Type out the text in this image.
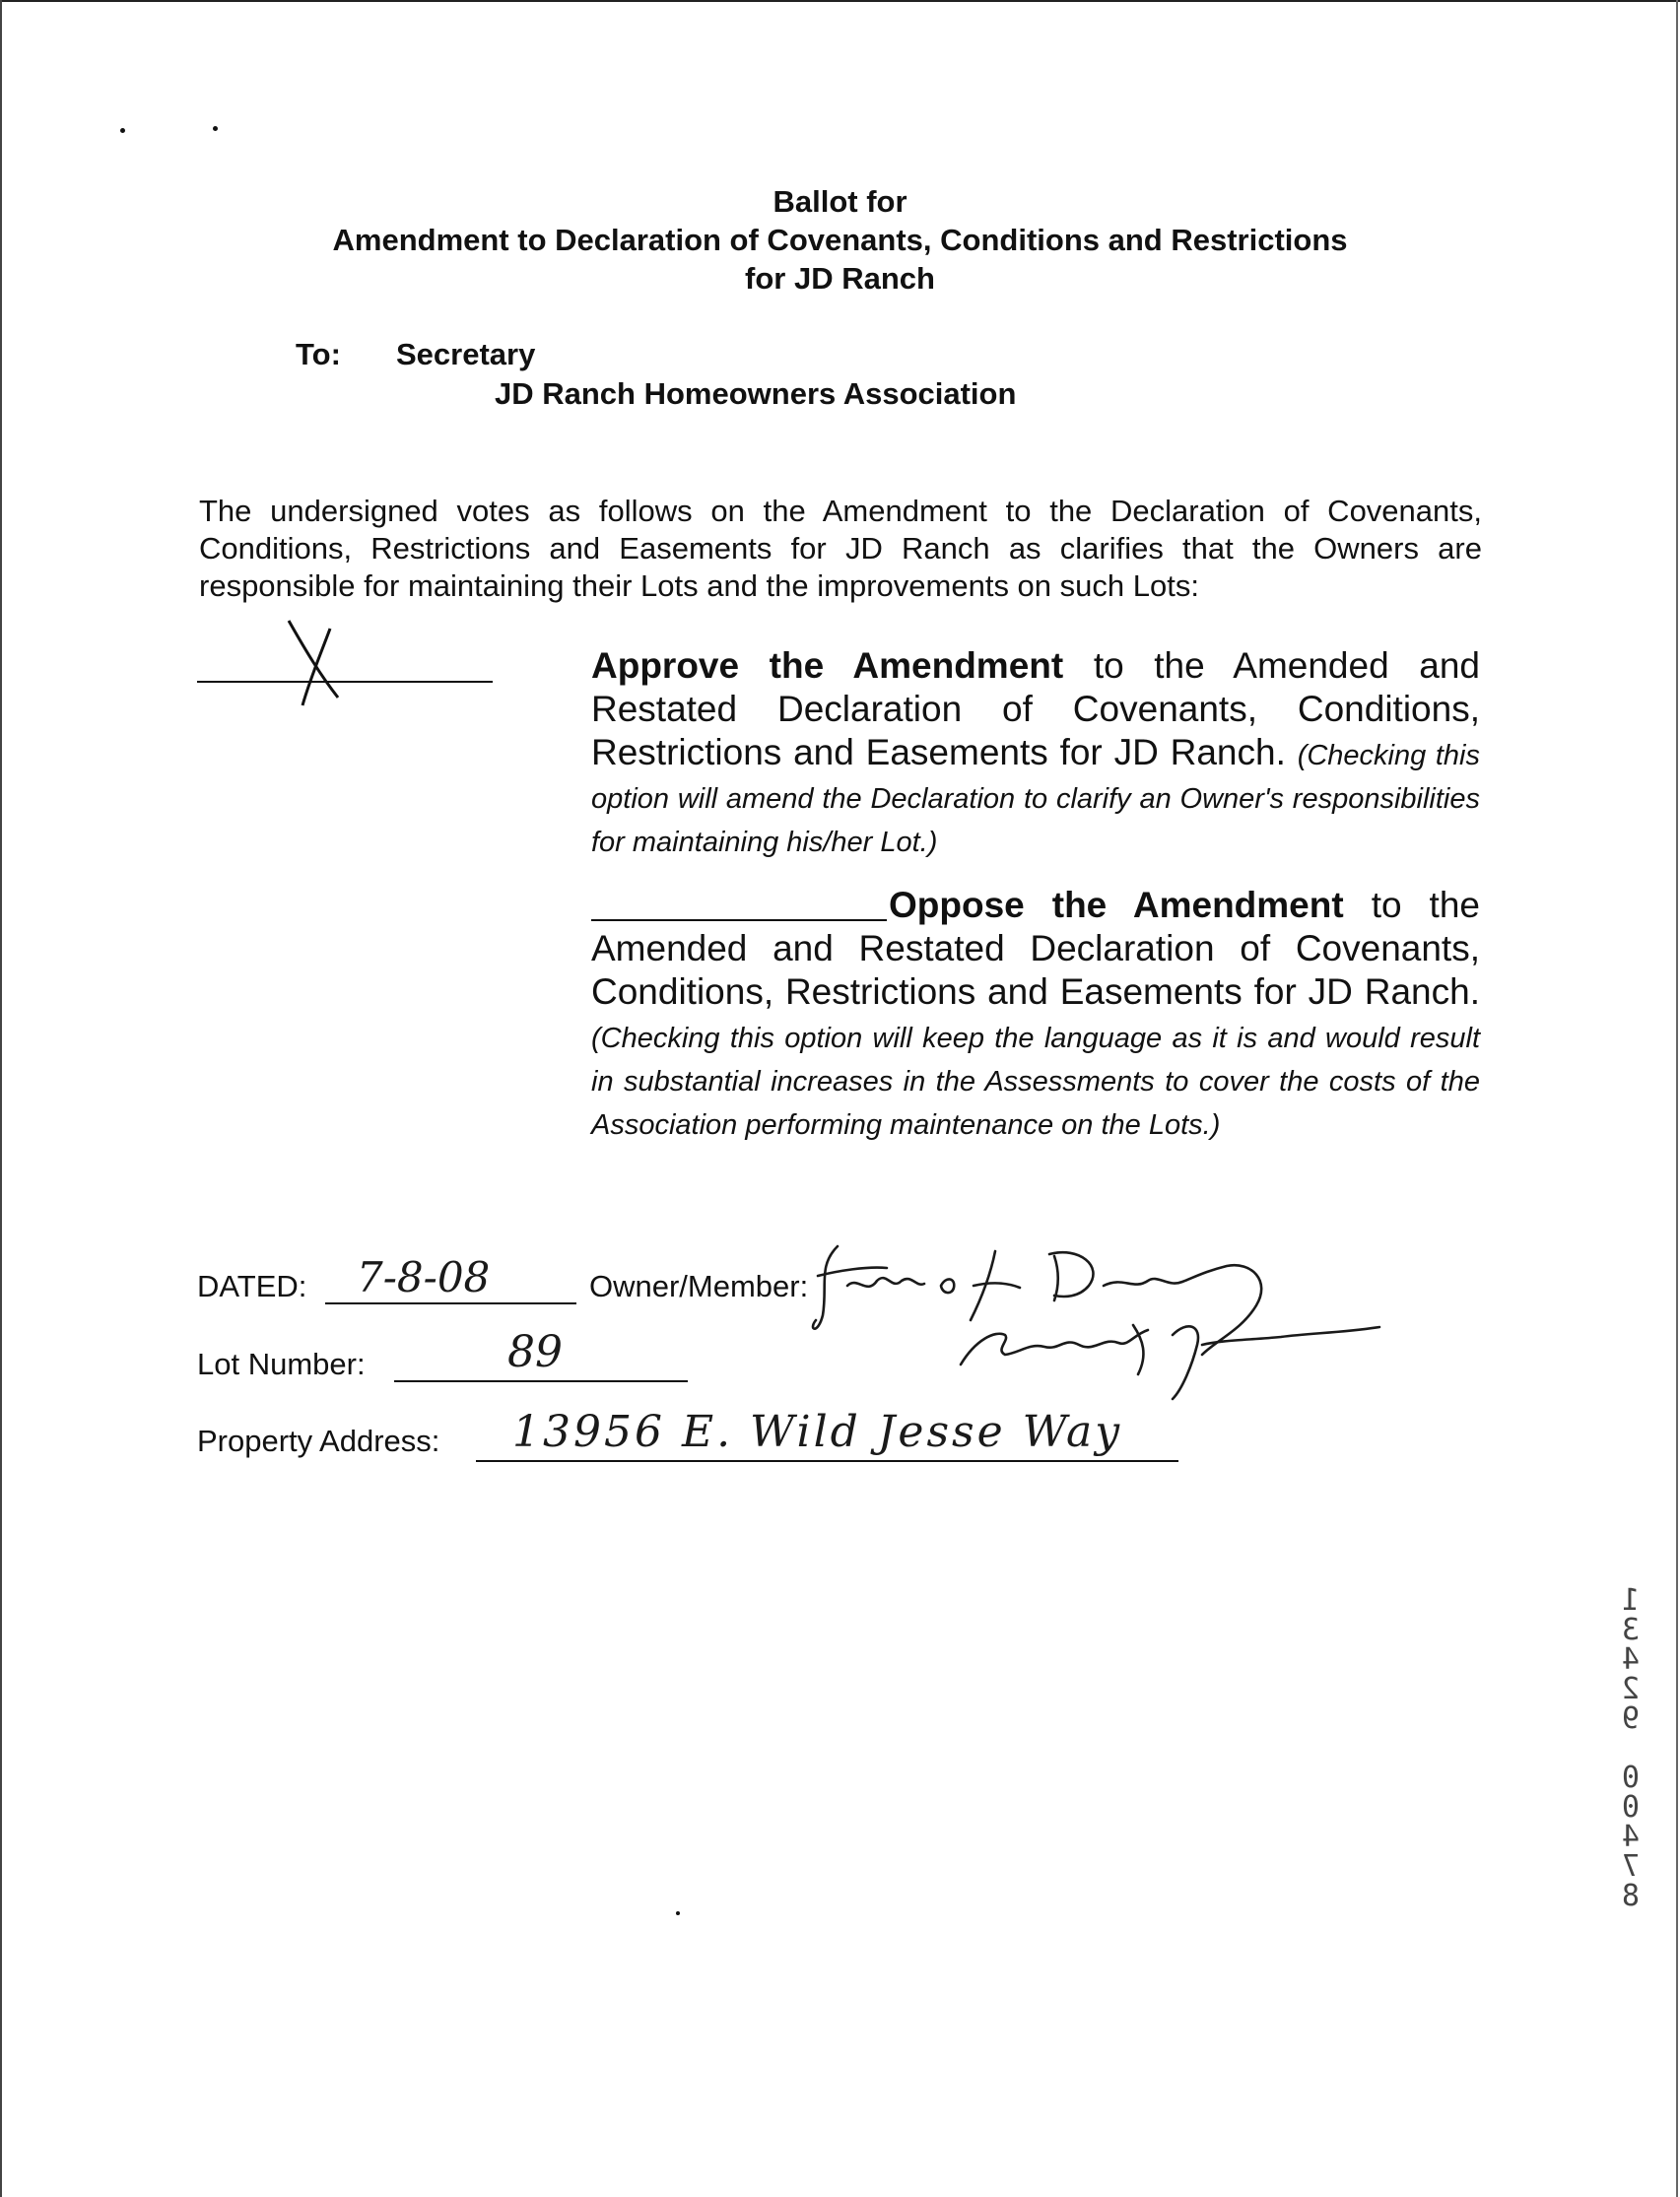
Ballot for
Amendment to Declaration of Covenants, Conditions and Restrictions
for JD Ranch
To: Secretary
JD Ranch Homeowners Association
The undersigned votes as follows on the Amendment to the Declaration of Covenants, Conditions, Restrictions and Easements for JD Ranch as clarifies that the Owners are responsible for maintaining their Lots and the improvements on such Lots:
Approve the Amendment to the Amended and Restated Declaration of Covenants, Conditions, Restrictions and Easements for JD Ranch. (Checking this option will amend the Declaration to clarify an Owner's responsibilities for maintaining his/her Lot.)
Oppose the Amendment to the Amended and Restated Declaration of Covenants, Conditions, Restrictions and Easements for JD Ranch. (Checking this option will keep the language as it is and would result in substantial increases in the Assessments to cover the costs of the Association performing maintenance on the Lots.)
DATED: 7-8-08	Owner/Member:
Lot Number:	89
Property Address: 13956 E. Wild Jesse Way
1
3
4
2
9

0
0
4
7
8
